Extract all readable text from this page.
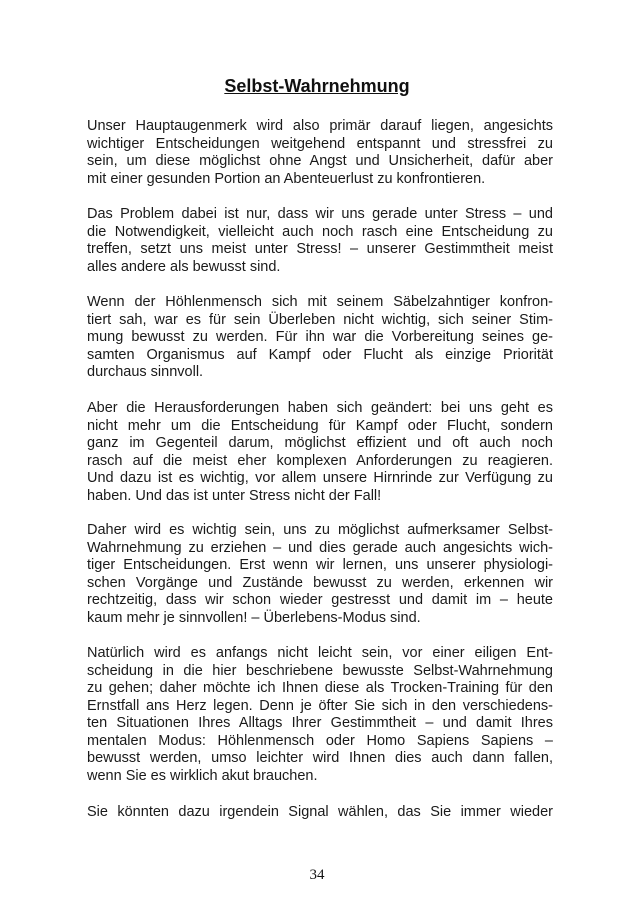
Selbst-Wahrnehmung
Unser Hauptaugenmerk wird also primär darauf liegen, angesichts
wichtiger Entscheidungen weitgehend entspannt und stressfrei zu
sein, um diese möglichst ohne Angst und Unsicherheit, dafür aber
mit einer gesunden Portion an Abenteuerlust zu konfrontieren.
Das Problem dabei ist nur, dass wir uns gerade unter Stress – und
die Notwendigkeit, vielleicht auch noch rasch eine Entscheidung zu
treffen, setzt uns meist unter Stress! – unserer Gestimmtheit meist
alles andere als bewusst sind.
Wenn der Höhlenmensch sich mit seinem Säbelzahntiger konfron-
tiert sah, war es für sein Überleben nicht wichtig, sich seiner Stim-
mung bewusst zu werden. Für ihn war die Vorbereitung seines ge-
samten Organismus auf Kampf oder Flucht als einzige Priorität
durchaus sinnvoll.
Aber die Herausforderungen haben sich geändert: bei uns geht es
nicht mehr um die Entscheidung für Kampf oder Flucht, sondern
ganz im Gegenteil darum, möglichst effizient und oft auch noch
rasch auf die meist eher komplexen Anforderungen zu reagieren.
Und dazu ist es wichtig, vor allem unsere Hirnrinde zur Verfügung zu
haben. Und das ist unter Stress nicht der Fall!
Daher wird es wichtig sein, uns zu möglichst aufmerksamer Selbst-
Wahrnehmung zu erziehen – und dies gerade auch angesichts wich-
tiger Entscheidungen. Erst wenn wir lernen, uns unserer physiologi-
schen Vorgänge und Zustände bewusst zu werden, erkennen wir
rechtzeitig, dass wir schon wieder gestresst und damit im – heute
kaum mehr je sinnvollen! – Überlebens-Modus sind.
Natürlich wird es anfangs nicht leicht sein, vor einer eiligen Ent-
scheidung in die hier beschriebene bewusste Selbst-Wahrnehmung
zu gehen; daher möchte ich Ihnen diese als Trocken-Training für den
Ernstfall ans Herz legen. Denn je öfter Sie sich in den verschiedens-
ten Situationen Ihres Alltags Ihrer Gestimmtheit – und damit Ihres
mentalen Modus: Höhlenmensch oder Homo Sapiens Sapiens –
bewusst werden, umso leichter wird Ihnen dies auch dann fallen,
wenn Sie es wirklich akut brauchen.
Sie könnten dazu irgendein Signal wählen, das Sie immer wieder
34
